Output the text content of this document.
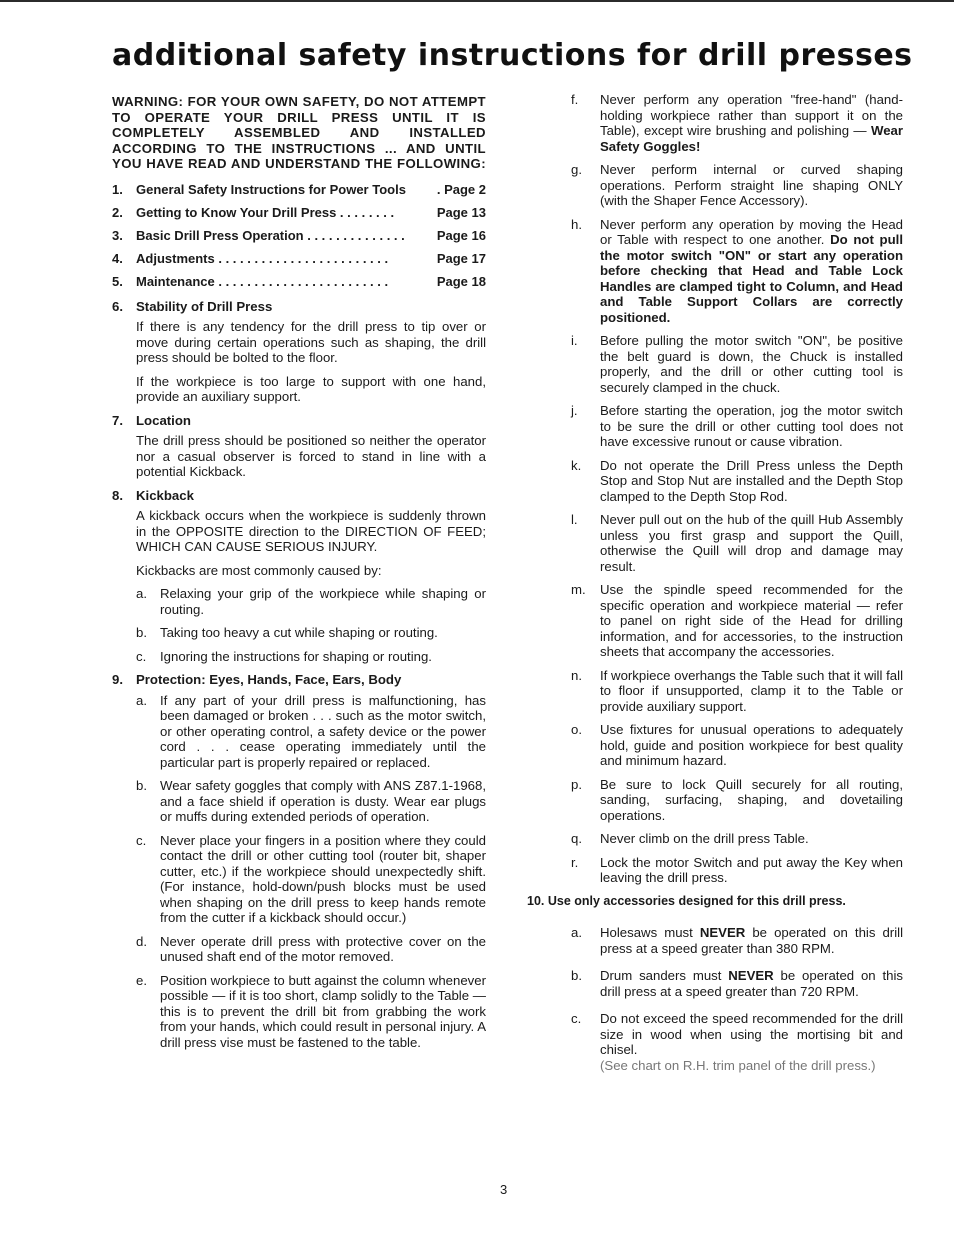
additional safety instructions for drill presses
WARNING: FOR YOUR OWN SAFETY, DO NOT ATTEMPT TO OPERATE YOUR DRILL PRESS UNTIL IT IS COMPLETELY ASSEMBLED AND INSTALLED ACCORDING TO THE INSTRUCTIONS ... AND UNTIL YOU HAVE READ AND UNDERSTAND THE FOLLOWING:
1. General Safety Instructions for Power Tools . Page 2
2. Getting to Know Your Drill Press . . . . . . . .	Page 13
3. Basic Drill Press Operation . . . . . . . . . . . . . . Page 16
4. Adjustments . . . . . . . . . . . . . . . . . . . . . . . .	Page 17
5. Maintenance . . . . . . . . . . . . . . . . . . . . . . . .	Page 18
6. Stability of Drill Press
If there is any tendency for the drill press to tip over or move during certain operations such as shaping, the drill press should be bolted to the floor.
If the workpiece is too large to support with one hand, provide an auxiliary support.
7. Location
The drill press should be positioned so neither the operator nor a casual observer is forced to stand in line with a potential Kickback.
8. Kickback
A kickback occurs when the workpiece is suddenly thrown in the OPPOSITE direction to the DIRECTION OF FEED; WHICH CAN CAUSE SERIOUS INJURY.
Kickbacks are most commonly caused by:
a. Relaxing your grip of the workpiece while shaping or routing.
b. Taking too heavy a cut while shaping or routing.
c. Ignoring the instructions for shaping or routing.
9. Protection: Eyes, Hands, Face, Ears, Body
a. If any part of your drill press is malfunctioning, has been damaged or broken . . . such as the motor switch, or other operating control, a safety device or the power cord . . . cease operating immediately until the particular part is properly repaired or replaced.
b. Wear safety goggles that comply with ANS Z87.1-1968, and a face shield if operation is dusty. Wear ear plugs or muffs during extended periods of operation.
c. Never place your fingers in a position where they could contact the drill or other cutting tool (router bit, shaper cutter, etc.) if the workpiece should unexpectedly shift. (For instance, hold-down/push blocks must be used when shaping on the drill press to keep hands remote from the cutter if a kickback should occur.)
d. Never operate drill press with protective cover on the unused shaft end of the motor removed.
e. Position workpiece to butt against the column whenever possible — if it is too short, clamp solidly to the Table — this is to prevent the drill bit from grabbing the work from your hands, which could result in personal injury. A drill press vise must be fastened to the table.
f. Never perform any operation "free-hand" (hand-holding workpiece rather than support it on the Table), except wire brushing and polishing — Wear Safety Goggles!
g. Never perform internal or curved shaping operations. Perform straight line shaping ONLY (with the Shaper Fence Accessory).
h. Never perform any operation by moving the Head or Table with respect to one another. Do not pull the motor switch "ON" or start any operation before checking that Head and Table Lock Handles are clamped tight to Column, and Head and Table Support Collars are correctly positioned.
i. Before pulling the motor switch "ON", be positive the belt guard is down, the Chuck is installed properly, and the drill or other cutting tool is securely clamped in the chuck.
j. Before starting the operation, jog the motor switch to be sure the drill or other cutting tool does not have excessive runout or cause vibration.
k. Do not operate the Drill Press unless the Depth Stop and Stop Nut are installed and the Depth Stop clamped to the Depth Stop Rod.
l. Never pull out on the hub of the quill Hub Assembly unless you first grasp and support the Quill, otherwise the Quill will drop and damage may result.
m. Use the spindle speed recommended for the specific operation and workpiece material — refer to panel on right side of the Head for drilling information, and for accessories, to the instruction sheets that accompany the accessories.
n. If workpiece overhangs the Table such that it will fall to floor if unsupported, clamp it to the Table or provide auxiliary support.
o. Use fixtures for unusual operations to adequately hold, guide and position workpiece for best quality and minimum hazard.
p. Be sure to lock Quill securely for all routing, sanding, surfacing, shaping, and dovetailing operations.
q. Never climb on the drill press Table.
r. Lock the motor Switch and put away the Key when leaving the drill press.
10. Use only accessories designed for this drill press.
a. Holesaws must NEVER be operated on this drill press at a speed greater than 380 RPM.
b. Drum sanders must NEVER be operated on this drill press at a speed greater than 720 RPM.
c. Do not exceed the speed recommended for the drill size in wood when using the mortising bit and chisel.
(See chart on R.H. trim panel of the drill press.)
3
